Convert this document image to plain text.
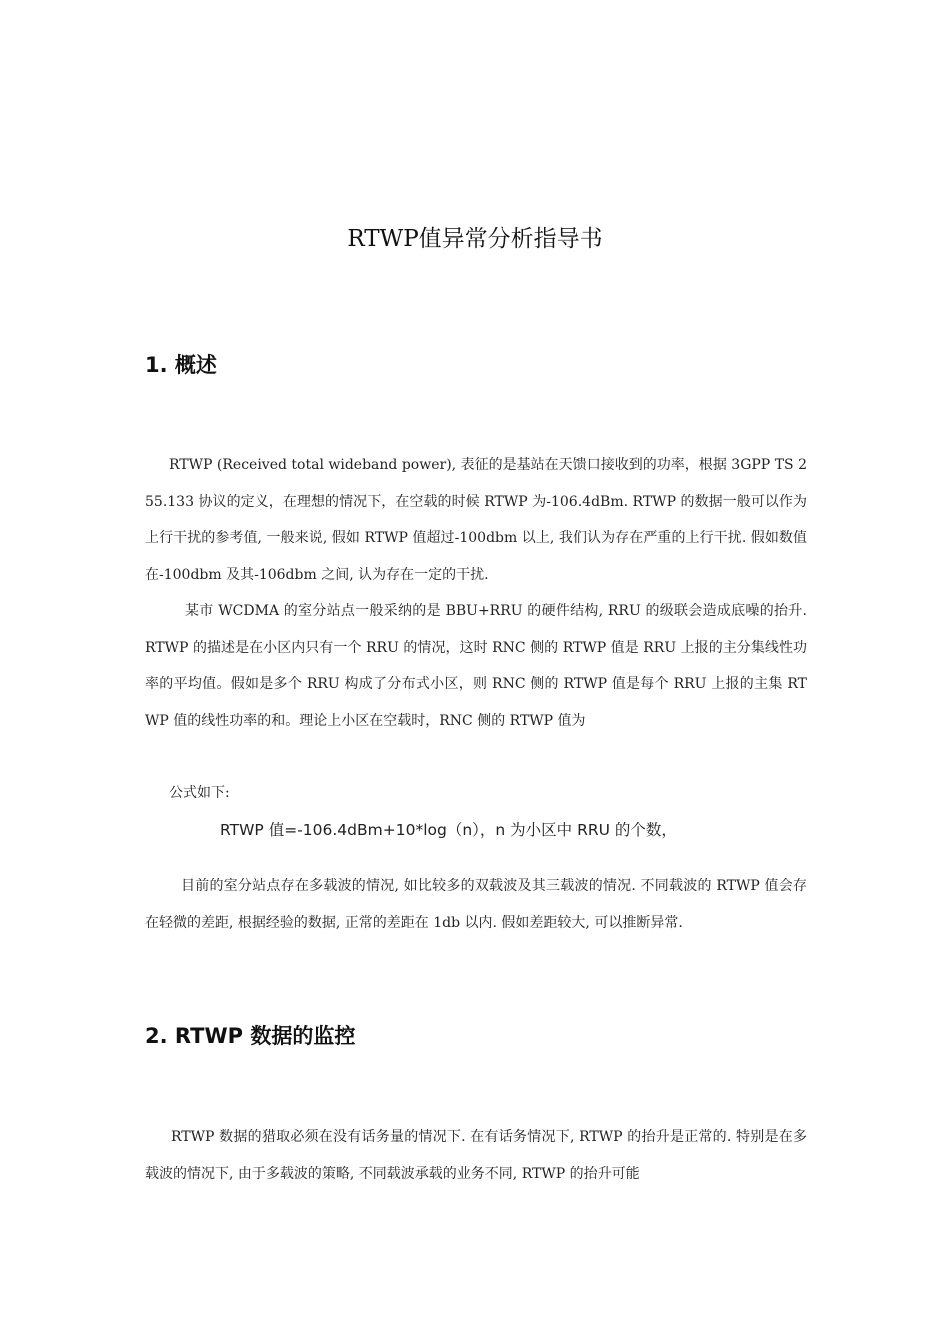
RTWP值异常分析指导书
1. 概述

RTWP (Received total wideband power), 表征的是基站在天馈口接收到的功率，根据 3GPP TS 255.133 协议的定义，在理想的情况下，在空载的时候 RTWP 为-106.4dBm. RTWP 的数据一般可以作为上行干扰的参考值, 一般来说, 假如 RTWP 值超过-100dbm 以上, 我们认为存在严重的上行干扰. 假如数值在-100dbm 及其-106dbm 之间, 认为存在一定的干扰.

某市 WCDMA 的室分站点一般采纳的是 BBU+RRU 的硬件结构, RRU 的级联会造成底噪的抬升. RTWP 的描述是在小区内只有一个 RRU 的情况，这时 RNC 侧的 RTWP 值是 RRU 上报的主分集线性功率的平均值。假如是多个 RRU 构成了分布式小区，则 RNC 侧的 RTWP 值是每个 RRU 上报的主集 RTWP 值的线性功率的和。理论上小区在空载时，RNC 侧的 RTWP 值为

公式如下:

RTWP 值=-106.4dBm+10*log（n），n 为小区中 RRU 的个数，

目前的室分站点存在多载波的情况, 如比较多的双载波及其三载波的情况. 不同载波的 RTWP 值会存在轻微的差距, 根据经验的数据, 正常的差距在 1db 以内. 假如差距较大, 可以推断异常.

2. RTWP 数据的监控

RTWP 数据的猎取必须在没有话务量的情况下. 在有话务情况下, RTWP 的抬升是正常的. 特别是在多载波的情况下, 由于多载波的策略, 不同载波承载的业务不同, RTWP 的抬升可能
